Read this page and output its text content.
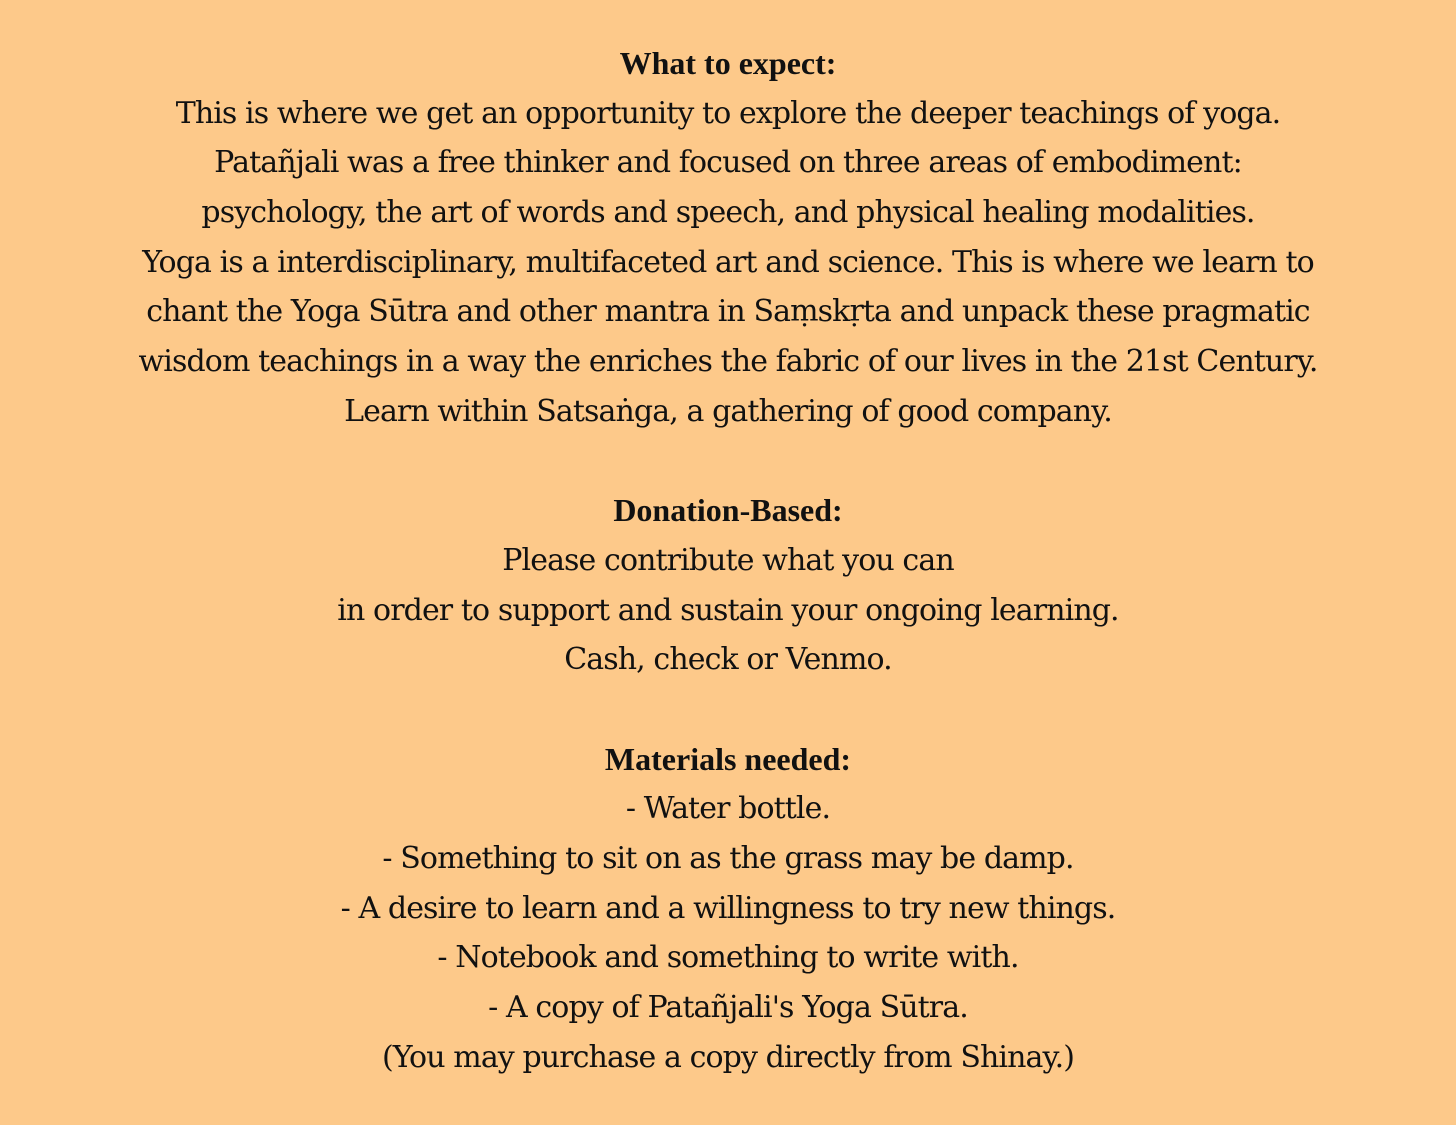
What to expect:
This is where we get an opportunity to explore the deeper teachings of yoga.
Patañjali was a free thinker and focused on three areas of embodiment:
psychology, the art of words and speech, and physical healing modalities.
Yoga is a interdisciplinary, multifaceted art and science. This is where we learn to
chant the Yoga Sūtra and other mantra in Saṃskṛta and unpack these pragmatic
wisdom teachings in a way the enriches the fabric of our lives in the 21st Century.
Learn within Satsaṅga, a gathering of good company.
Donation-Based:
Please contribute what you can
in order to support and sustain your ongoing learning.
Cash, check or Venmo.
Materials needed:
- Water bottle.
- Something to sit on as the grass may be damp.
- A desire to learn and a willingness to try new things.
- Notebook and something to write with.
- A copy of Patañjali's Yoga Sūtra.
(You may purchase a copy directly from Shinay.)
